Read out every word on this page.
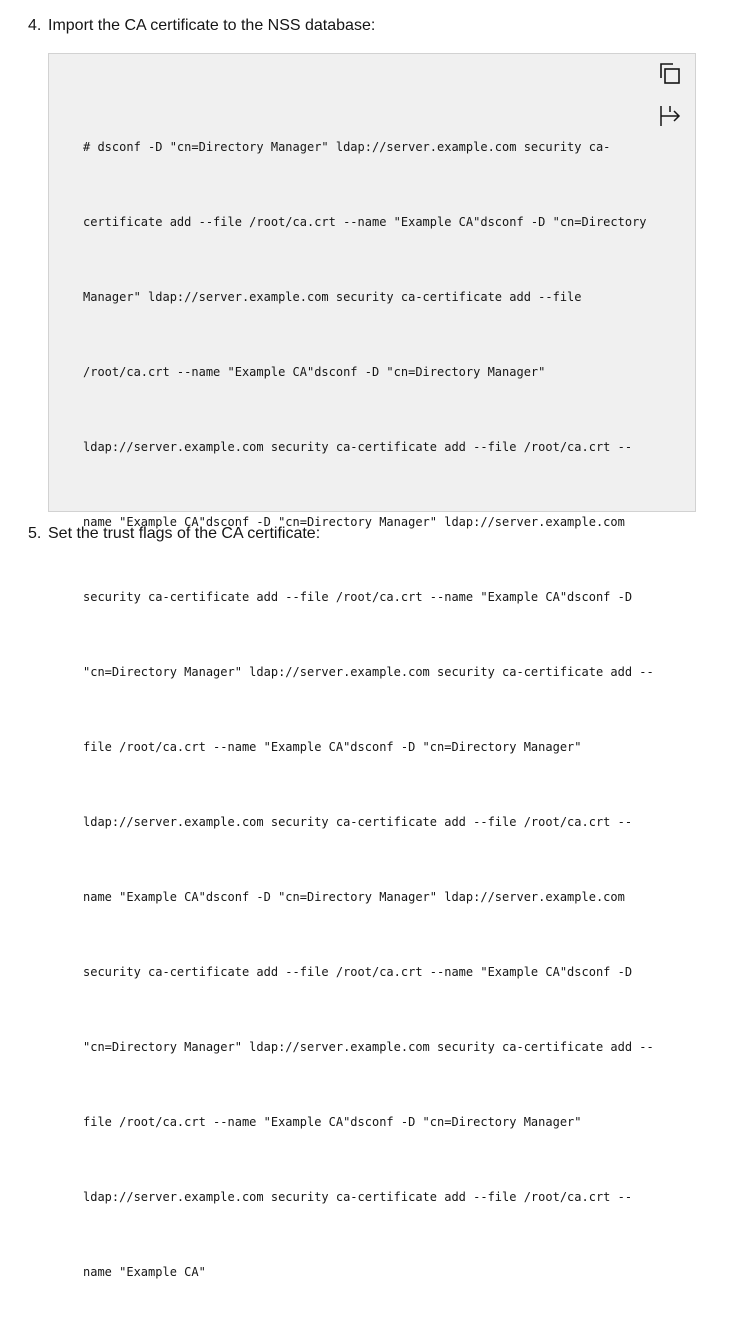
4. Import the CA certificate to the NSS database:

# dsconf -D "cn=Directory Manager" ldap://server.example.com security ca-

certificate add --file /root/ca.crt --name "Example CA"dsconf -D "cn=Directory

Manager" ldap://server.example.com security ca-certificate add --file

/root/ca.crt --name "Example CA"dsconf -D "cn=Directory Manager"

ldap://server.example.com security ca-certificate add --file /root/ca.crt --

name "Example CA"dsconf -D "cn=Directory Manager" ldap://server.example.com

security ca-certificate add --file /root/ca.crt --name "Example CA"dsconf -D

"cn=Directory Manager" ldap://server.example.com security ca-certificate add --

file /root/ca.crt --name "Example CA"dsconf -D "cn=Directory Manager"

ldap://server.example.com security ca-certificate add --file /root/ca.crt --

name "Example CA"dsconf -D "cn=Directory Manager" ldap://server.example.com

security ca-certificate add --file /root/ca.crt --name "Example CA"dsconf -D

"cn=Directory Manager" ldap://server.example.com security ca-certificate add --

file /root/ca.crt --name "Example CA"dsconf -D "cn=Directory Manager"

ldap://server.example.com security ca-certificate add --file /root/ca.crt --

name "Example CA"

5. Set the trust flags of the CA certificate:
